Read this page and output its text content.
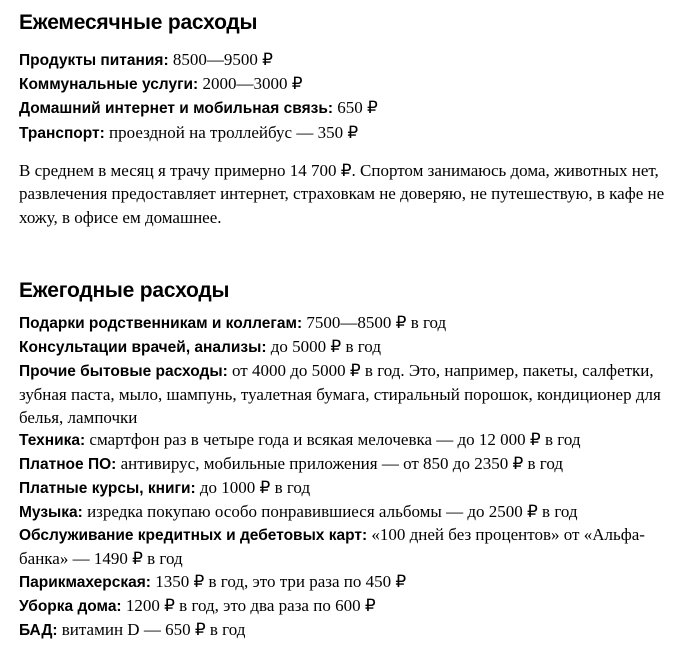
Ежемесячные расходы
Продукты питания: 8500—9500 ₽
Коммунальные услуги: 2000—3000 ₽
Домашний интернет и мобильная связь: 650 ₽
Транспорт: проездной на троллейбус — 350 ₽

В среднем в месяц я трачу примерно 14 700 ₽. Спортом занимаюсь дома, животных нет, развлечения предоставляет интернет, страховкам не доверяю, не путешествую, в кафе не хожу, в офисе ем домашнее.

Ежегодные расходы
Подарки родственникам и коллегам: 7500—8500 ₽ в год
Консультации врачей, анализы: до 5000 ₽ в год
Прочие бытовые расходы: от 4000 до 5000 ₽ в год. Это, например, пакеты, салфетки, зубная паста, мыло, шампунь, туалетная бумага, стиральный порошок, кондиционер для белья, лампочки
Техника: смартфон раз в четыре года и всякая мелочевка — до 12 000 ₽ в год
Платное ПО: антивирус, мобильные приложения — от 850 до 2350 ₽ в год
Платные курсы, книги: до 1000 ₽ в год
Музыка: изредка покупаю особо понравившиеся альбомы — до 2500 ₽ в год
Обслуживание кредитных и дебетовых карт: «100 дней без процентов» от «Альфа-банка» — 1490 ₽ в год
Парикмахерская: 1350 ₽ в год, это три раза по 450 ₽
Уборка дома: 1200 ₽ в год, это два раза по 600 ₽
БАД: витамин D — 650 ₽ в год
